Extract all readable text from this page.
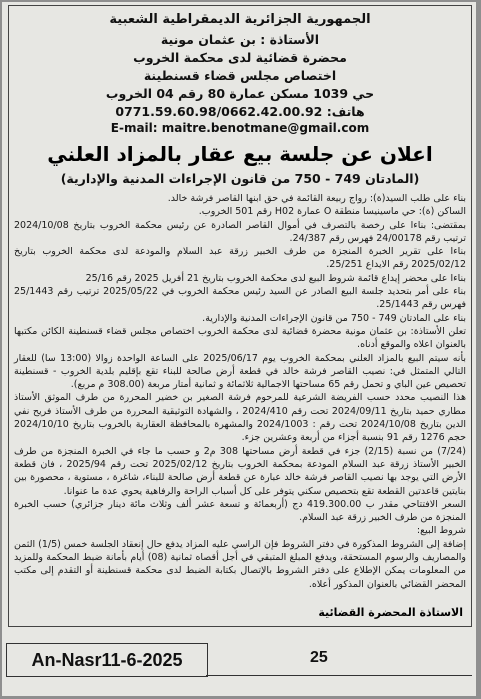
الجمهورية الجزائرية الديمقراطية الشعبية
الأستاذة : بن عثمان مونية
محضرة قضائية لدى محكمة الخروب
اختصاص مجلس قضاء قسنطينة
حي 1039 مسكن عمارة 80 رقم 04 الخروب
هاتف: 0771.59.60.98/0662.42.00.92
E-mail: maitre.benotmane@gmail.com
اعلان عن جلسة بيع عقار بالمزاد العلني
(المادتان 749 - 750 من قانون الإجراءات المدنية والإدارية)

بناء على طلب السيد(ة): رواج ربيعة القائمة في حق ابنها القاصر فرشة خالد.

الساكن (ة): حي ماسينيسا منطقة O عمارة H02 رقم 501 الخروب.

بمقتضى: بناءا على رخصة بالتصرف في أموال القاصر الصادرة عن رئيس محكمة الخروب بتاريخ 2024/10/08 ترتيب رقم 24/00178 فهرس رقم 24/387.

بناءا على تقرير الخبرة المنجزة من طرف الخبير زرقة عبد السلام والمودعة لدى محكمة الخروب بتاريخ 2025/02/12 رقم الايداع 25/251.

بناءا على محضر إيداع قائمة شروط البيع لدى محكمة الخروب بتاريخ 21 أفريل 2025 رقم 25/16

بناء على أمر بتحديد جلسة البيع الصادر عن السيد رئيس محكمة الخروب في 2025/05/22 ترتيب رقم 25/1443 فهرس رقم 25/1443.

بناء على المادتان 749 - 750 من قانون الإجراءات المدنية والإدارية.

تعلن الأستاذة: بن عثمان مونية محضرة قضائية لدى محكمة الخروب اختصاص مجلس قضاء قسنطينة الكائن مكتبها بالعنوان اعلاه والموقع أدناه.

بأنه سيتم البيع بالمزاد العلني بمحكمة الخروب يوم 2025/06/17 على الساعة الواحدة زوالا (13:00 سا) للعقار التالي المتمثل في: نصيب القاصر فرشة خالد في قطعة أرض صالحة للبناء تقع بإقليم بلدية الخروب - قسنطينة تحصيص عين الباي و تحمل رقم 65 مساحتها الاجمالية ثلاثمائة و ثمانية أمتار مربعة (308.00 م مربع).

هذا النصيب محدد حسب الفريضة الشرعية للمرحوم فرشة الصغير بن خضير المحررة من طرف الموثق الأستاذ مطاري حميد بتاريخ 2024/09/11 تحت رقم 2024/410 ، والشهادة التوثيقية المحررة من طرف الأستاذ فريح نفي الدين بتاريخ 2024/10/08 تحت رقم : 2024/1003 والمشهرة بالمحافظة العقارية بالخروب بتاريخ 2024/10/10 حجم 1276 رقم 91 بنسبة أجزاء من أربعة وعشرين جزء.

(7/24) من نسبة (2/15) جزء في قطعة أرض مساحتها 308 م2 و حسب ما جاء في الخبرة المنجزة من طرف الخبير الأستاذ زرقة عبد السلام المودعة بمحكمة الخروب بتاريخ 2025/02/12 تحت رقم 2025/94 ، فان قطعة الأرض التي يوجد بها نصيب القاصر فرشة خالد عبارة عن قطعة أرض صالحة للبناء، شاغرة ، مستوية ، محصورة بين بنايتين قاعدتين القطعة تقع بتحصيص سكني يتوفر على كل أسباب الراحة والرفاهية يحوي عدة ما عنوانا.

السعر الافتتاحي مقدر ب 419.300.00 دج (أربعمائة و تسعة عشر ألف وثلاث مائة دينار جزائري) حسب الخبرة المنجزة من طرف الخبير زرقة عبد السلام.

شروط البيع:

إضافة إلى الشروط المذكورة في دفتر الشروط فإن الراسي عليه المزاد يدفع حال إنعقاد الجلسة خمس (1/5) الثمن والمصاريف والرسوم المستحقة، ويدفع المبلغ المتبقي في أجل أقصاه ثمانية (08) أيام بأمانة ضبط المحكمة وللمزيد من المعلومات يمكن الإطلاع على دفتر الشروط بالإتصال بكتابة الضبط لدى محكمة قسنطينة أو التقدم إلى مكتب المحضر القضائي بالعنوان المذكور أعلاه.

الاستاذة المحضرة القضائية
An-Nasr11-6-2025	25
